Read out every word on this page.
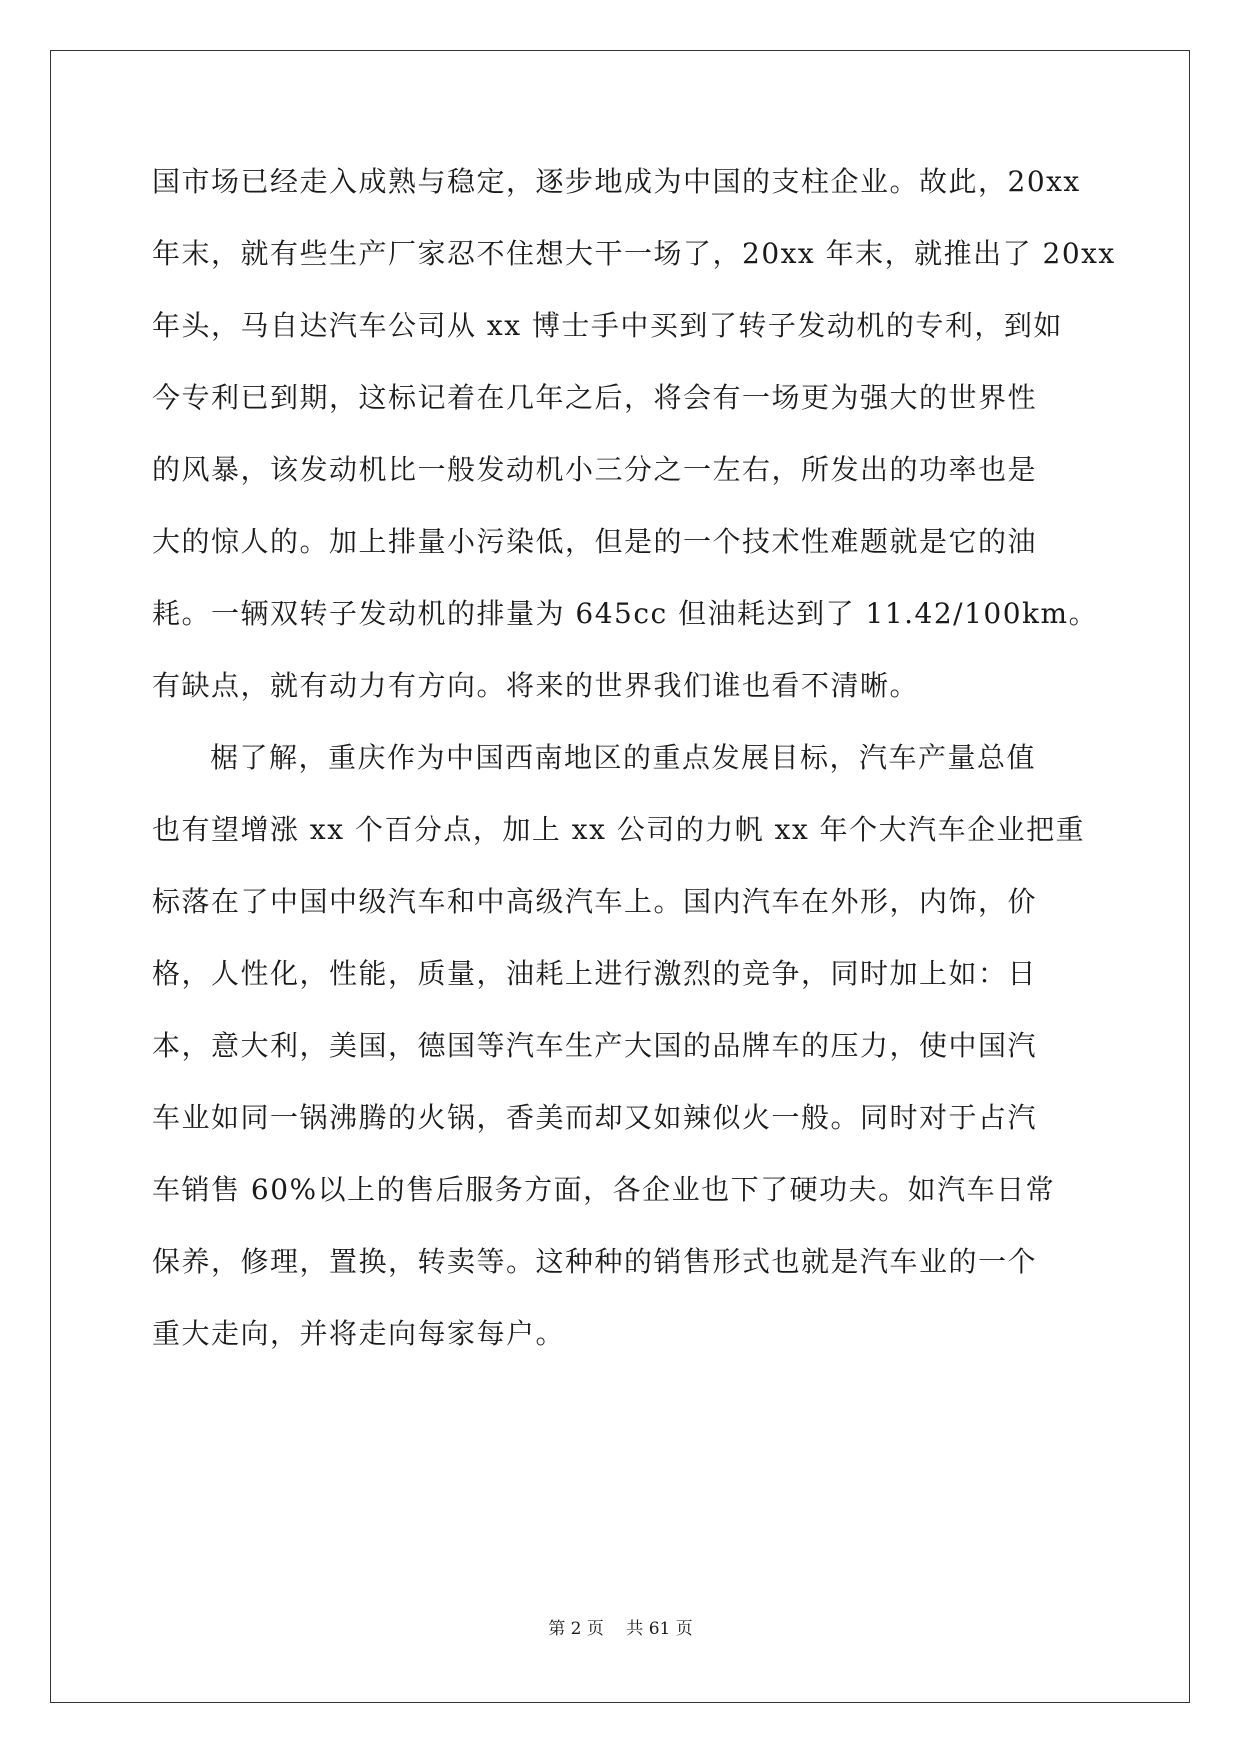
国市场已经走入成熟与稳定，逐步地成为中国的支柱企业。故此，20xx
年末，就有些生产厂家忍不住想大干一场了，20xx 年末，就推出了 20xx
年头，马自达汽车公司从 xx 博士手中买到了转子发动机的专利，到如
今专利已到期，这标记着在几年之后，将会有一场更为强大的世界性
的风暴，该发动机比一般发动机小三分之一左右，所发出的功率也是
大的惊人的。加上排量小污染低，但是的一个技术性难题就是它的油
耗。一辆双转子发动机的排量为 645cc 但油耗达到了 11.42/100km。
有缺点，就有动力有方向。将来的世界我们谁也看不清晰。
椐了解，重庆作为中国西南地区的重点发展目标，汽车产量总值
也有望增涨 xx 个百分点，加上 xx 公司的力帆 xx 年个大汽车企业把重
标落在了中国中级汽车和中高级汽车上。国内汽车在外形，内饰，价
格，人性化，性能，质量，油耗上进行激烈的竞争，同时加上如：日
本，意大利，美国，德国等汽车生产大国的品牌车的压力，使中国汽
车业如同一锅沸腾的火锅，香美而却又如辣似火一般。同时对于占汽
车销售 60%以上的售后服务方面，各企业也下了硬功夫。如汽车日常
保养，修理，置换，转卖等。这种种的销售形式也就是汽车业的一个
重大走向，并将走向每家每户。
第 2 页　 共 61 页
